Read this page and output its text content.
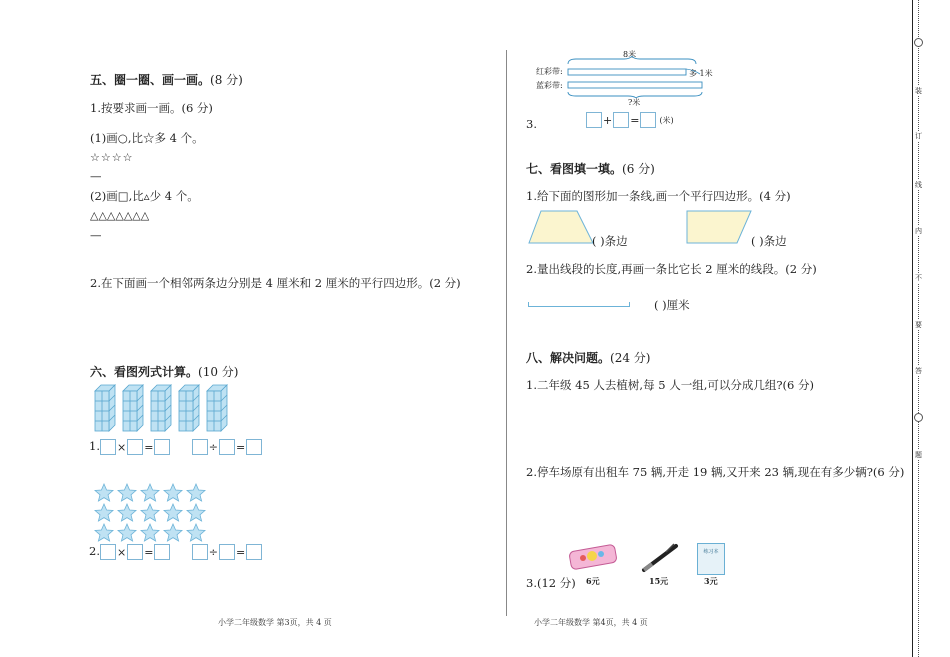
五、圈一圈、画一画。(8 分)
1.按要求画一画。(6 分)
(1)画○,比☆多 4 个。
☆☆☆☆
—
(2)画□,比▵少 4 个。
△△△△△△△
—
2.在下面画一个相邻两条边分别是 4 厘米和 2 厘米的平行四边形。(2 分)
六、看图列式计算。(10 分)
1. × =	÷ =
2. × =	÷ =
小学二年级数学 第3页，共 4 页
8米
红彩带:
蓝彩带:
多 1米
?米
3.	+ =	(米)
七、看图填一填。(6 分)
1.给下面的图形加一条线,画一个平行四边形。(4 分)
( )条边	( )条边
2.量出线段的长度,再画一条比它长 2 厘米的线段。(2 分)
( )厘米
八、解决问题。(24 分)
1.二年级 45 人去植树,每 5 人一组,可以分成几组?(6 分)
2.停车场原有出租车 75 辆,开走 19 辆,又开来 23 辆,现在有多少辆?(6 分)
6元	15元
练习本
3元
3.(12 分)
小学二年级数学 第4页，共 4 页
装
订
线
内
不
要
答
题
